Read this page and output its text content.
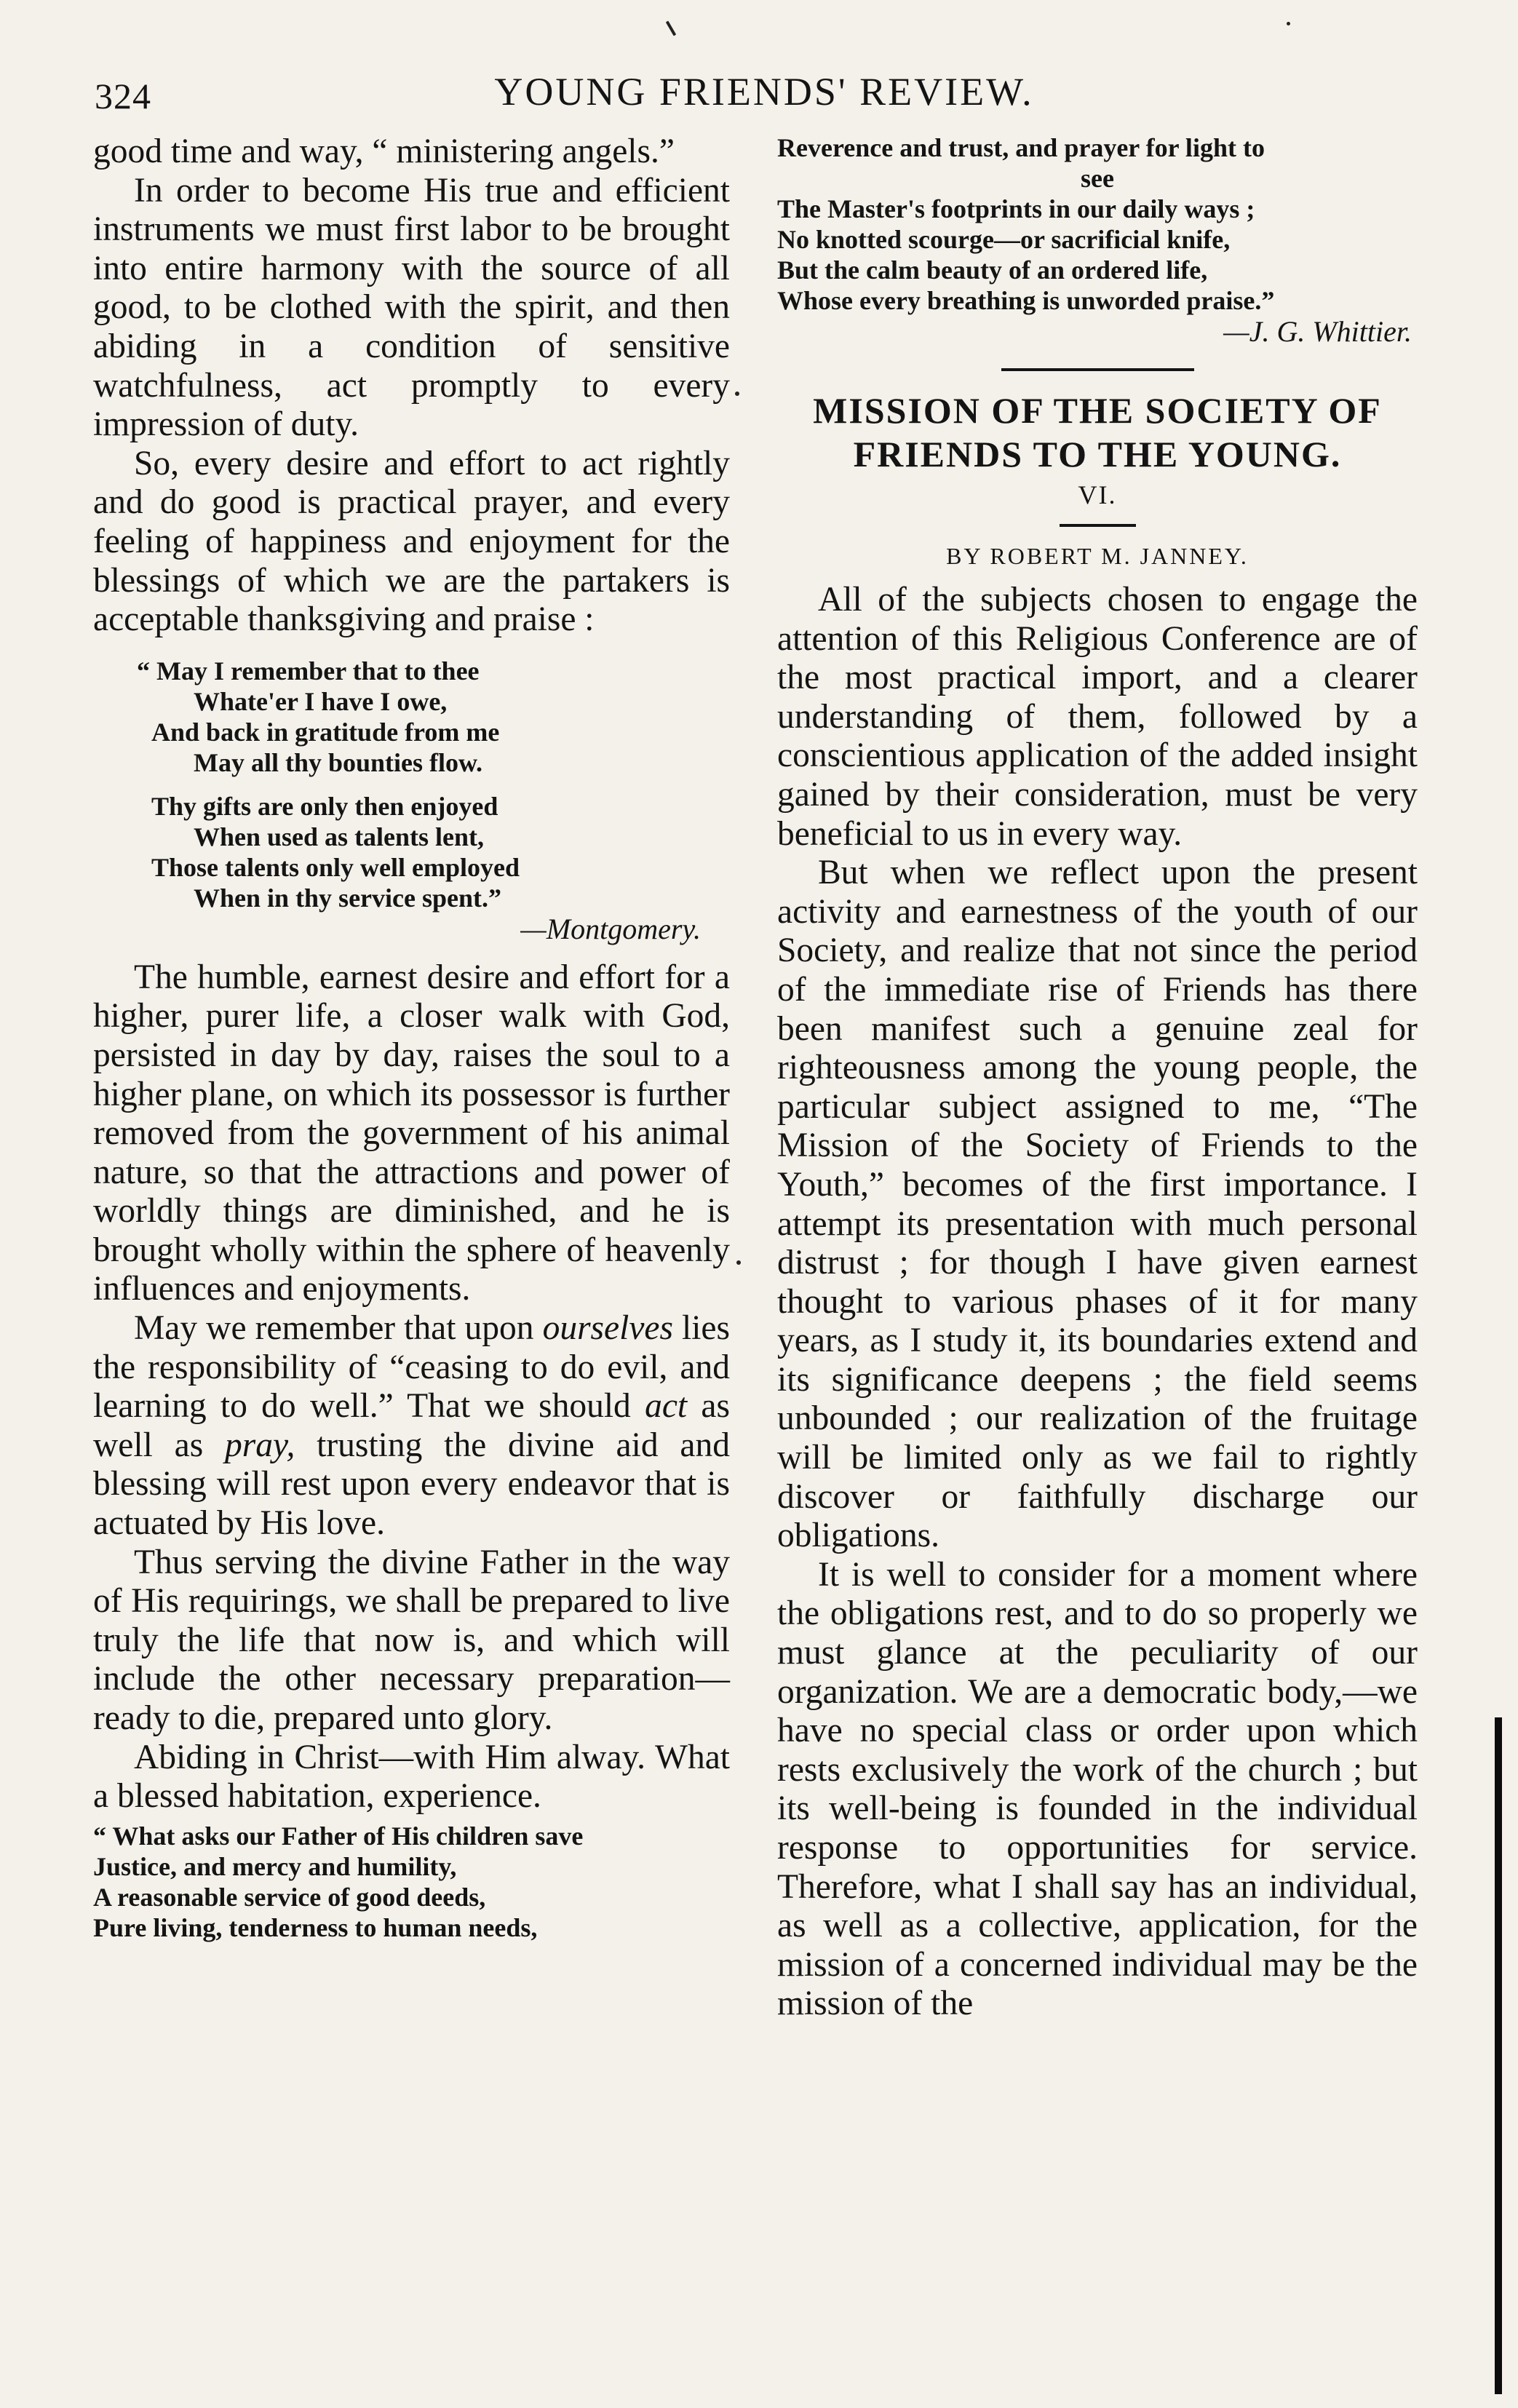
324	YOUNG FRIENDS' REVIEW.

good time and way, “ ministering angels.”

In order to become His true and efficient instruments we must first labor to be brought into entire harmony with the source of all good, to be clothed with the spirit, and then abiding in a condition of sensitive watchfulness, act promptly to every impression of duty.

So, every desire and effort to act rightly and do good is practical prayer, and every feeling of happiness and enjoyment for the blessings of which we are the partakers is acceptable thanksgiving and praise :

“ May I remember that to thee
Whate'er I have I owe,
And back in gratitude from me
May all thy bounties flow.
Thy gifts are only then enjoyed
When used as talents lent,
Those talents only well employed
When in thy service spent.”
—Montgomery.

The humble, earnest desire and effort for a higher, purer life, a closer walk with God, persisted in day by day, raises the soul to a higher plane, on which its possessor is further removed from the government of his animal nature, so that the attractions and power of worldly things are diminished, and he is brought wholly within the sphere of heavenly influences and enjoyments.

May we remember that upon ourselves lies the responsibility of “ceasing to do evil, and learning to do well.” That we should act as well as pray, trusting the divine aid and blessing will rest upon every endeavor that is actuated by His love.

Thus serving the divine Father in the way of His requirings, we shall be prepared to live truly the life that now is, and which will include the other necessary preparation—ready to die, prepared unto glory.

Abiding in Christ—with Him alway. What a blessed habitation, experience.

“ What asks our Father of His children save
Justice, and mercy and humility,
A reasonable service of good deeds,
Pure living, tenderness to human needs,
Reverence and trust, and prayer for light to
see
The Master's footprints in our daily ways ;
No knotted scourge—or sacrificial knife,
But the calm beauty of an ordered life,
Whose every breathing is unworded praise.”
—J. G. Whittier.
MISSION OF THE SOCIETY OF FRIENDS TO THE YOUNG.
VI.
BY ROBERT M. JANNEY.

All of the subjects chosen to engage the attention of this Religious Conference are of the most practical import, and a clearer understanding of them, followed by a conscientious application of the added insight gained by their consideration, must be very beneficial to us in every way.

But when we reflect upon the present activity and earnestness of the youth of our Society, and realize that not since the period of the immediate rise of Friends has there been manifest such a genuine zeal for righteousness among the young people, the particular subject assigned to me, “The Mission of the Society of Friends to the Youth,” becomes of the first importance. I attempt its presentation with much personal distrust ; for though I have given earnest thought to various phases of it for many years, as I study it, its boundaries extend and its significance deepens ; the field seems unbounded ; our realization of the fruitage will be limited only as we fail to rightly discover or faithfully discharge our obligations.

It is well to consider for a moment where the obligations rest, and to do so properly we must glance at the peculiarity of our organization. We are a democratic body,—we have no special class or order upon which rests exclusively the work of the church ; but its well-being is founded in the individual response to opportunities for service. Therefore, what I shall say has an individual, as well as a collective, application, for the mission of a concerned individual may be the mission of the
